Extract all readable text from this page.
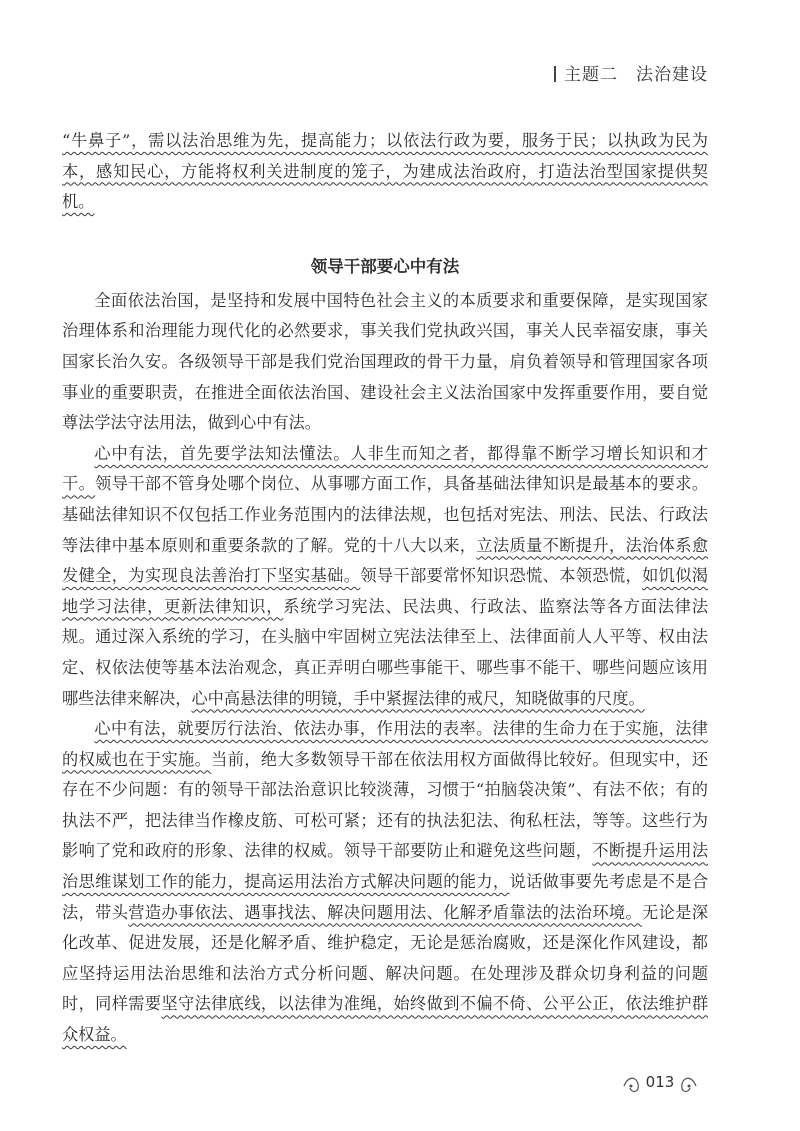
主题二　法治建设

“牛鼻子”，需以法治思维为先，提高能力；以依法行政为要，服务于民；以执政为民为本，感知民心，方能将权利关进制度的笼子，为建成法治政府，打造法治型国家提供契机。

领导干部要心中有法

全面依法治国，是坚持和发展中国特色社会主义的本质要求和重要保障，是实现国家治理体系和治理能力现代化的必然要求，事关我们党执政兴国，事关人民幸福安康，事关国家长治久安。各级领导干部是我们党治国理政的骨干力量，肩负着领导和管理国家各项事业的重要职责，在推进全面依法治国、建设社会主义法治国家中发挥重要作用，要自觉尊法学法守法用法，做到心中有法。

心中有法，首先要学法知法懂法。人非生而知之者，都得靠不断学习增长知识和才干。领导干部不管身处哪个岗位、从事哪方面工作，具备基础法律知识是最基本的要求。基础法律知识不仅包括工作业务范围内的法律法规，也包括对宪法、刑法、民法、行政法等法律中基本原则和重要条款的了解。党的十八大以来，立法质量不断提升，法治体系愈发健全，为实现良法善治打下坚实基础。领导干部要常怀知识恐慌、本领恐慌，如饥似渴地学习法律，更新法律知识，系统学习宪法、民法典、行政法、监察法等各方面法律法规。通过深入系统的学习，在头脑中牢固树立宪法法律至上、法律面前人人平等、权由法定、权依法使等基本法治观念，真正弄明白哪些事能干、哪些事不能干、哪些问题应该用哪些法律来解决，心中高悬法律的明镜，手中紧握法律的戒尺，知晓做事的尺度。

心中有法，就要厉行法治、依法办事，作用法的表率。法律的生命力在于实施，法律的权威也在于实施。当前，绝大多数领导干部在依法用权方面做得比较好。但现实中，还存在不少问题：有的领导干部法治意识比较淡薄，习惯于“拍脑袋决策”、有法不依；有的执法不严，把法律当作橡皮筋、可松可紧；还有的执法犯法、徇私枉法，等等。这些行为影响了党和政府的形象、法律的权威。领导干部要防止和避免这些问题，不断提升运用法治思维谋划工作的能力，提高运用法治方式解决问题的能力，说话做事要先考虑是不是合法，带头营造办事依法、遇事找法、解决问题用法、化解矛盾靠法的法治环境。无论是深化改革、促进发展，还是化解矛盾、维护稳定，无论是惩治腐败，还是深化作风建设，都应坚持运用法治思维和法治方式分析问题、解决问题。在处理涉及群众切身利益的问题时，同样需要坚守法律底线，以法律为准绳，始终做到不偏不倚、公平公正，依法维护群众权益。

013
